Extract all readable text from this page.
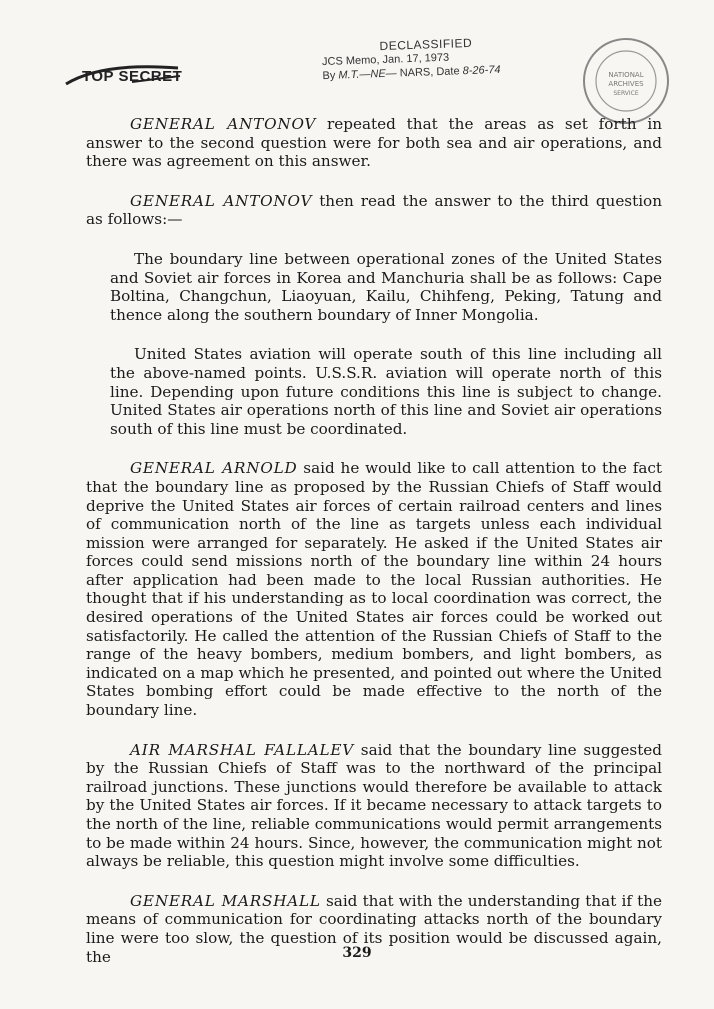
TOP SECRET
DECLASSIFIED
JCS Memo, Jan. 17, 1973
By M.T.—NE— NARS, Date 8-26-74	NATIONAL
ARCHIVES
SERVICE

GENERAL ANTONOV repeated that the areas as set forth in answer to the second question were for both sea and air operations, and there was agreement on this answer.

GENERAL ANTONOV then read the answer to the third question as follows:—

The boundary line between operational zones of the United States and Soviet air forces in Korea and Manchuria shall be as follows: Cape Boltina, Changchun, Liaoyuan, Kailu, Chihfeng, Peking, Tatung and thence along the southern boundary of Inner Mongolia.

United States aviation will operate south of this line including all the above-named points. U.S.S.R. aviation will operate north of this line. Depending upon future conditions this line is subject to change. United States air operations north of this line and Soviet air operations south of this line must be coordinated.

GENERAL ARNOLD said he would like to call attention to the fact that the boundary line as proposed by the Russian Chiefs of Staff would deprive the United States air forces of certain railroad centers and lines of communication north of the line as targets unless each individual mission were arranged for separately. He asked if the United States air forces could send missions north of the boundary line within 24 hours after application had been made to the local Russian authorities. He thought that if his understanding as to local coordination was correct, the desired operations of the United States air forces could be worked out satisfactorily. He called the attention of the Russian Chiefs of Staff to the range of the heavy bombers, medium bombers, and light bombers, as indicated on a map which he presented, and pointed out where the United States bombing effort could be made effective to the north of the boundary line.

AIR MARSHAL FALLALEV said that the boundary line suggested by the Russian Chiefs of Staff was to the northward of the principal railroad junctions. These junctions would therefore be available to attack by the United States air forces. If it became necessary to attack targets to the north of the line, reliable communications would permit arrangements to be made within 24 hours. Since, however, the communication might not always be reliable, this question might involve some difficulties.

GENERAL MARSHALL said that with the understanding that if the means of communication for coordinating attacks north of the boundary line were too slow, the question of its position would be discussed again, the	329
